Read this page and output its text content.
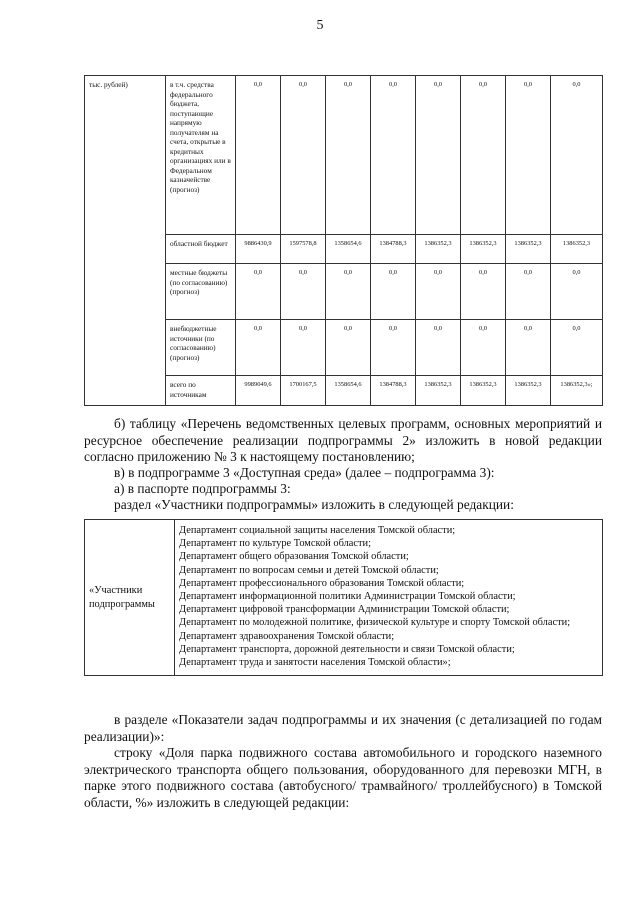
5
тыс. рублей)	в т.ч. средства федерального бюджета, поступающие напрямую получателям на счета, открытые в кредитных организациях или в Федеральном казначействе (прогноз)	0,0	0,0	0,0	0,0	0,0	0,0	0,0	0,0
	областной бюджет	9886430,9	1597578,8	1358654,6	1384788,3	1386352,3	1386352,3	1386352,3	1386352,3
	местные бюджеты (по согласованию) (прогноз)	0,0	0,0	0,0	0,0	0,0	0,0	0,0	0,0
	внебюджетные источники (по согласованию) (прогноз)	0,0	0,0	0,0	0,0	0,0	0,0	0,0	0,0
	всего по источникам	9989049,6	1700167,5	1358654,6	1384788,3	1386352,3	1386352,3	1386352,3	1386352,3»;
б) таблицу «Перечень ведомственных целевых программ, основных мероприятий и ресурсное обеспечение реализации подпрограммы 2» изложить в новой редакции согласно приложению № 3 к настоящему постановлению;
в) в подпрограмме 3 «Доступная среда» (далее – подпрограмма 3):
а) в паспорте подпрограммы 3:
раздел «Участники подпрограммы» изложить в следующей редакции:
«Участники подпрограммы	
Департамент социальной защиты населения Томской области;
Департамент по культуре Томской области;
Департамент общего образования Томской области;
Департамент по вопросам семьи и детей Томской области;
Департамент профессионального образования Томской области;
Департамент информационной политики Администрации Томской области;
Департамент цифровой трансформации Администрации Томской области;
Департамент по молодежной политике, физической культуре и спорту Томской области;
Департамент здравоохранения Томской области;
Департамент транспорта, дорожной деятельности и связи Томской области;
Департамент труда и занятости населения Томской области»;
в разделе «Показатели задач подпрограммы и их значения (с детализацией по годам реализации)»:
строку «Доля парка подвижного состава автомобильного и городского наземного электрического транспорта общего пользования, оборудованного для перевозки МГН, в парке этого подвижного состава (автобусного/ трамвайного/ троллейбусного) в Томской области, %» изложить в следующей редакции:
